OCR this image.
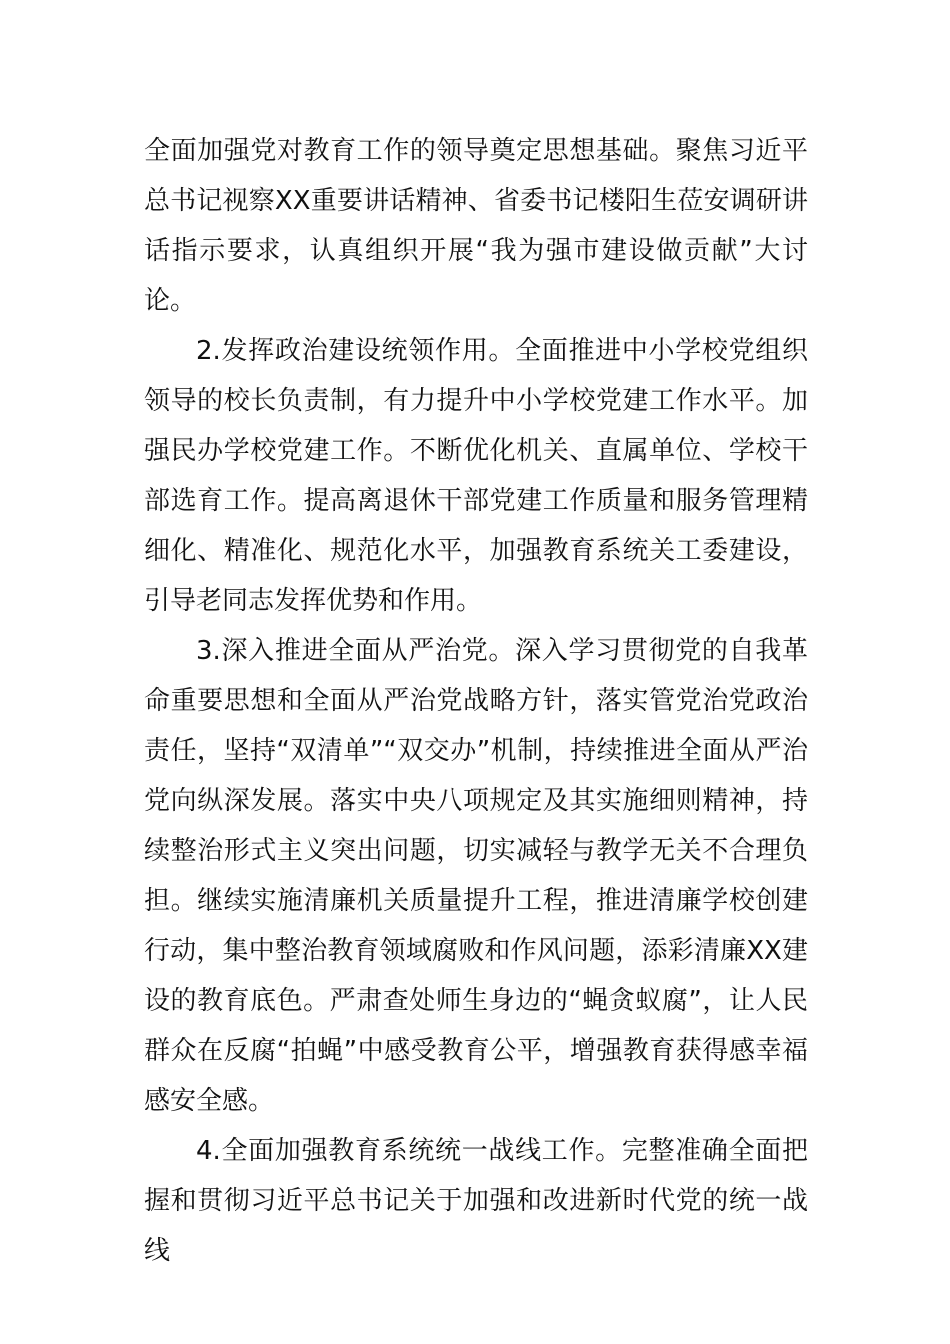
全面加强党对教育工作的领导奠定思想基础。聚焦习近平总书记视察XX重要讲话精神、省委书记楼阳生莅安调研讲话指示要求，认真组织开展“我为强市建设做贡献”大讨论。

2.发挥政治建设统领作用。全面推进中小学校党组织领导的校长负责制，有力提升中小学校党建工作水平。加强民办学校党建工作。不断优化机关、直属单位、学校干部选育工作。提高离退休干部党建工作质量和服务管理精细化、精准化、规范化水平，加强教育系统关工委建设，引导老同志发挥优势和作用。

3.深入推进全面从严治党。深入学习贯彻党的自我革命重要思想和全面从严治党战略方针，落实管党治党政治责任，坚持“双清单”“双交办”机制，持续推进全面从严治党向纵深发展。落实中央八项规定及其实施细则精神，持续整治形式主义突出问题，切实减轻与教学无关不合理负担。继续实施清廉机关质量提升工程，推进清廉学校创建行动，集中整治教育领域腐败和作风问题，添彩清廉XX建设的教育底色。严肃查处师生身边的“蝇贪蚁腐”，让人民群众在反腐“拍蝇”中感受教育公平，增强教育获得感幸福感安全感。

4.全面加强教育系统统一战线工作。完整准确全面把握和贯彻习近平总书记关于加强和改进新时代党的统一战线
